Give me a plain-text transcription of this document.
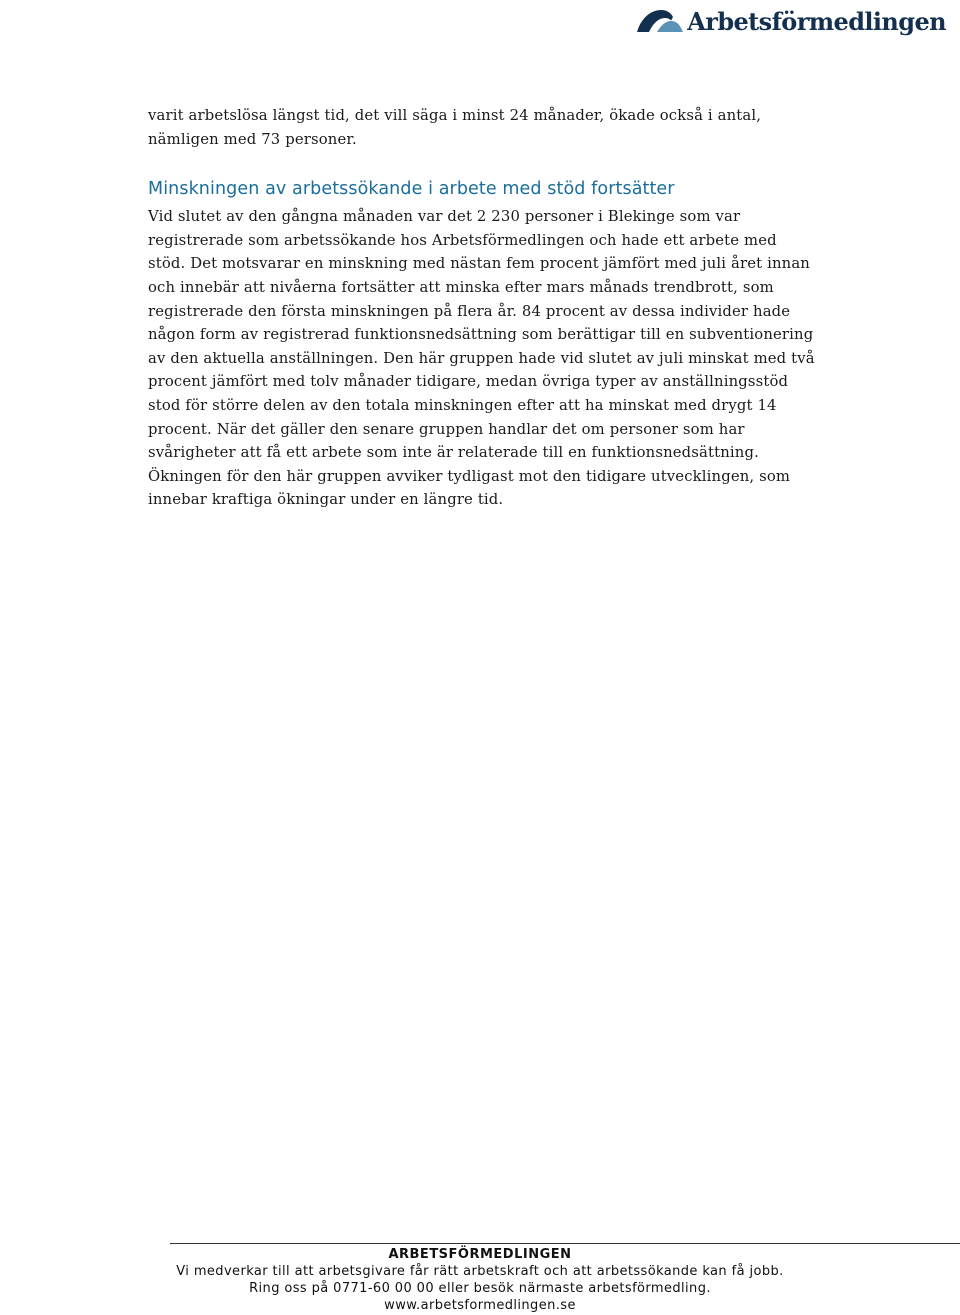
Arbetsförmedlingen

varit arbetslösa längst tid, det vill säga i minst 24 månader, ökade också i antal, nämligen med 73 personer.

Minskningen av arbetssökande i arbete med stöd fortsätter

Vid slutet av den gångna månaden var det 2 230 personer i Blekinge som var registrerade som arbetssökande hos Arbetsförmedlingen och hade ett arbete med stöd. Det motsvarar en minskning med nästan fem procent jämfört med juli året innan och innebär att nivåerna fortsätter att minska efter mars månads trendbrott, som registrerade den första minskningen på flera år. 84 procent av dessa individer hade någon form av registrerad funktionsnedsättning som berättigar till en subventionering av den aktuella anställningen. Den här gruppen hade vid slutet av juli minskat med två procent jämfört med tolv månader tidigare, medan övriga typer av anställningsstöd stod för större delen av den totala minskningen efter att ha minskat med drygt 14 procent. När det gäller den senare gruppen handlar det om personer som har svårigheter att få ett arbete som inte är relaterade till en funktionsnedsättning. Ökningen för den här gruppen avviker tydligast mot den tidigare utvecklingen, som innebar kraftiga ökningar under en längre tid.

ARBETSFÖRMEDLINGEN
Vi medverkar till att arbetsgivare får rätt arbetskraft och att arbetssökande kan få jobb.
Ring oss på 0771-60 00 00 eller besök närmaste arbetsförmedling.
www.arbetsformedlingen.se
